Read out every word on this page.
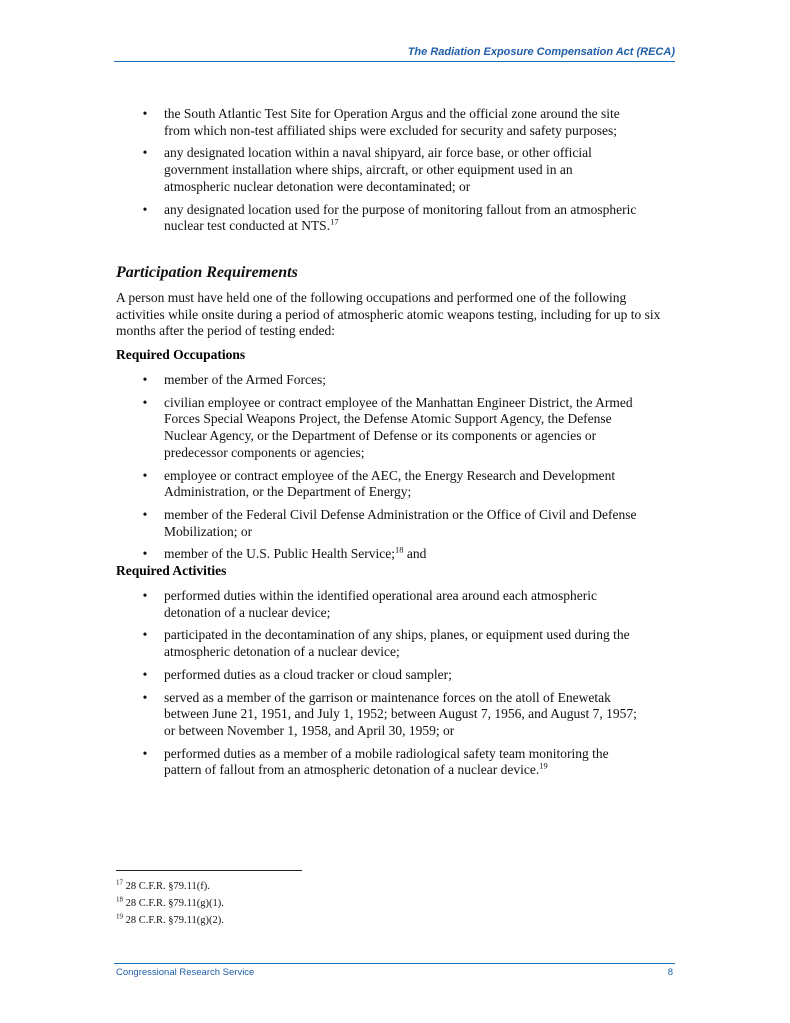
The Radiation Exposure Compensation Act (RECA)
•	the South Atlantic Test Site for Operation Argus and the official zone around the site from which non-test affiliated ships were excluded for security and safety purposes;
•	any designated location within a naval shipyard, air force base, or other official government installation where ships, aircraft, or other equipment used in an atmospheric nuclear detonation were decontaminated; or
•	any designated location used for the purpose of monitoring fallout from an atmospheric nuclear test conducted at NTS.$^{17}$
Participation Requirements
A person must have held one of the following occupations and performed one of the following activities while onsite during a period of atmospheric atomic weapons testing, including for up to six months after the period of testing ended:
Required Occupations
•	member of the Armed Forces;
•	civilian employee or contract employee of the Manhattan Engineer District, the Armed Forces Special Weapons Project, the Defense Atomic Support Agency, the Defense Nuclear Agency, or the Department of Defense or its components or agencies or predecessor components or agencies;
•	employee or contract employee of the AEC, the Energy Research and Development Administration, or the Department of Energy;
•	member of the Federal Civil Defense Administration or the Office of Civil and Defense Mobilization; or
•	member of the U.S. Public Health Service;$^{18}$ and
Required Activities
•	performed duties within the identified operational area around each atmospheric detonation of a nuclear device;
•	participated in the decontamination of any ships, planes, or equipment used during the atmospheric detonation of a nuclear device;
•	performed duties as a cloud tracker or cloud sampler;
•	served as a member of the garrison or maintenance forces on the atoll of Enewetak between June 21, 1951, and July 1, 1952; between August 7, 1956, and August 7, 1957; or between November 1, 1958, and April 30, 1959; or
•	performed duties as a member of a mobile radiological safety team monitoring the pattern of fallout from an atmospheric detonation of a nuclear device.$^{19}$
$^{17}$ 28 C.F.R. §79.11(f).
$^{18}$ 28 C.F.R. §79.11(g)(1).
$^{19}$ 28 C.F.R. §79.11(g)(2).
Congressional Research Service	8
